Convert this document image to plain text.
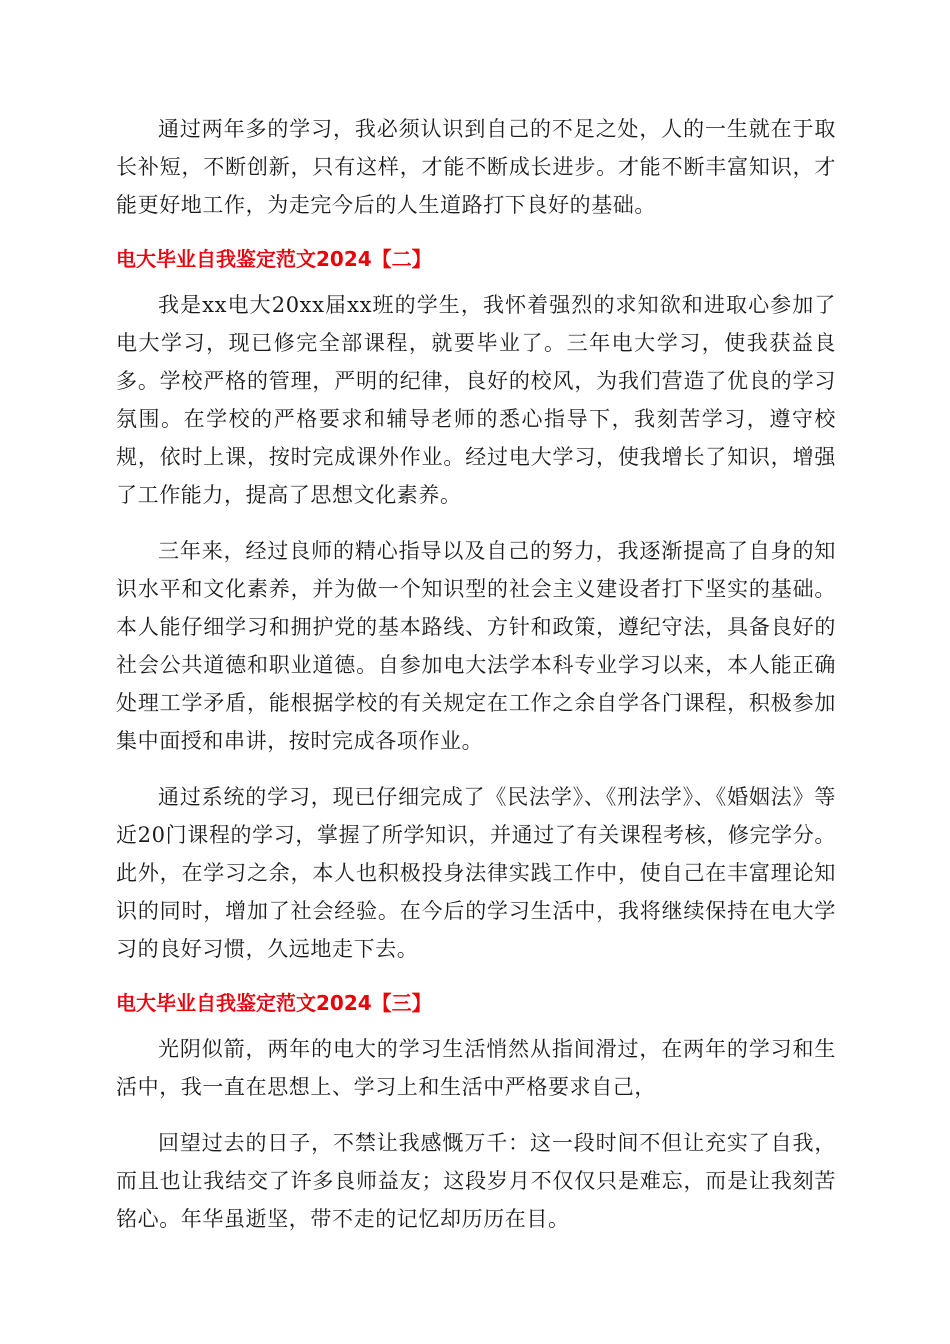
通过两年多的学习，我必须认识到自己的不足之处，人的一生就在于取长补短，不断创新，只有这样，才能不断成长进步。才能不断丰富知识，才能更好地工作，为走完今后的人生道路打下良好的基础。

电大毕业自我鉴定范文2024【二】

我是xx电大20xx届xx班的学生，我怀着强烈的求知欲和进取心参加了电大学习，现已修完全部课程，就要毕业了。三年电大学习，使我获益良多。学校严格的管理，严明的纪律，良好的校风，为我们营造了优良的学习氛围。在学校的严格要求和辅导老师的悉心指导下，我刻苦学习，遵守校规，依时上课，按时完成课外作业。经过电大学习，使我增长了知识，增强了工作能力，提高了思想文化素养。

三年来，经过良师的精心指导以及自己的努力，我逐渐提高了自身的知识水平和文化素养，并为做一个知识型的社会主义建设者打下坚实的基础。本人能仔细学习和拥护党的基本路线、方针和政策，遵纪守法，具备良好的社会公共道德和职业道德。自参加电大法学本科专业学习以来，本人能正确处理工学矛盾，能根据学校的有关规定在工作之余自学各门课程，积极参加集中面授和串讲，按时完成各项作业。

通过系统的学习，现已仔细完成了《民法学》、《刑法学》、《婚姻法》等近20门课程的学习，掌握了所学知识，并通过了有关课程考核，修完学分。此外，在学习之余，本人也积极投身法律实践工作中，使自己在丰富理论知识的同时，增加了社会经验。在今后的学习生活中，我将继续保持在电大学习的良好习惯，久远地走下去。

电大毕业自我鉴定范文2024【三】

光阴似箭，两年的电大的学习生活悄然从指间滑过，在两年的学习和生活中，我一直在思想上、学习上和生活中严格要求自己，

回望过去的日子，不禁让我感慨万千：这一段时间不但让充实了自我，而且也让我结交了许多良师益友；这段岁月不仅仅只是难忘，而是让我刻苦铭心。年华虽逝坚，带不走的记忆却历历在目。
